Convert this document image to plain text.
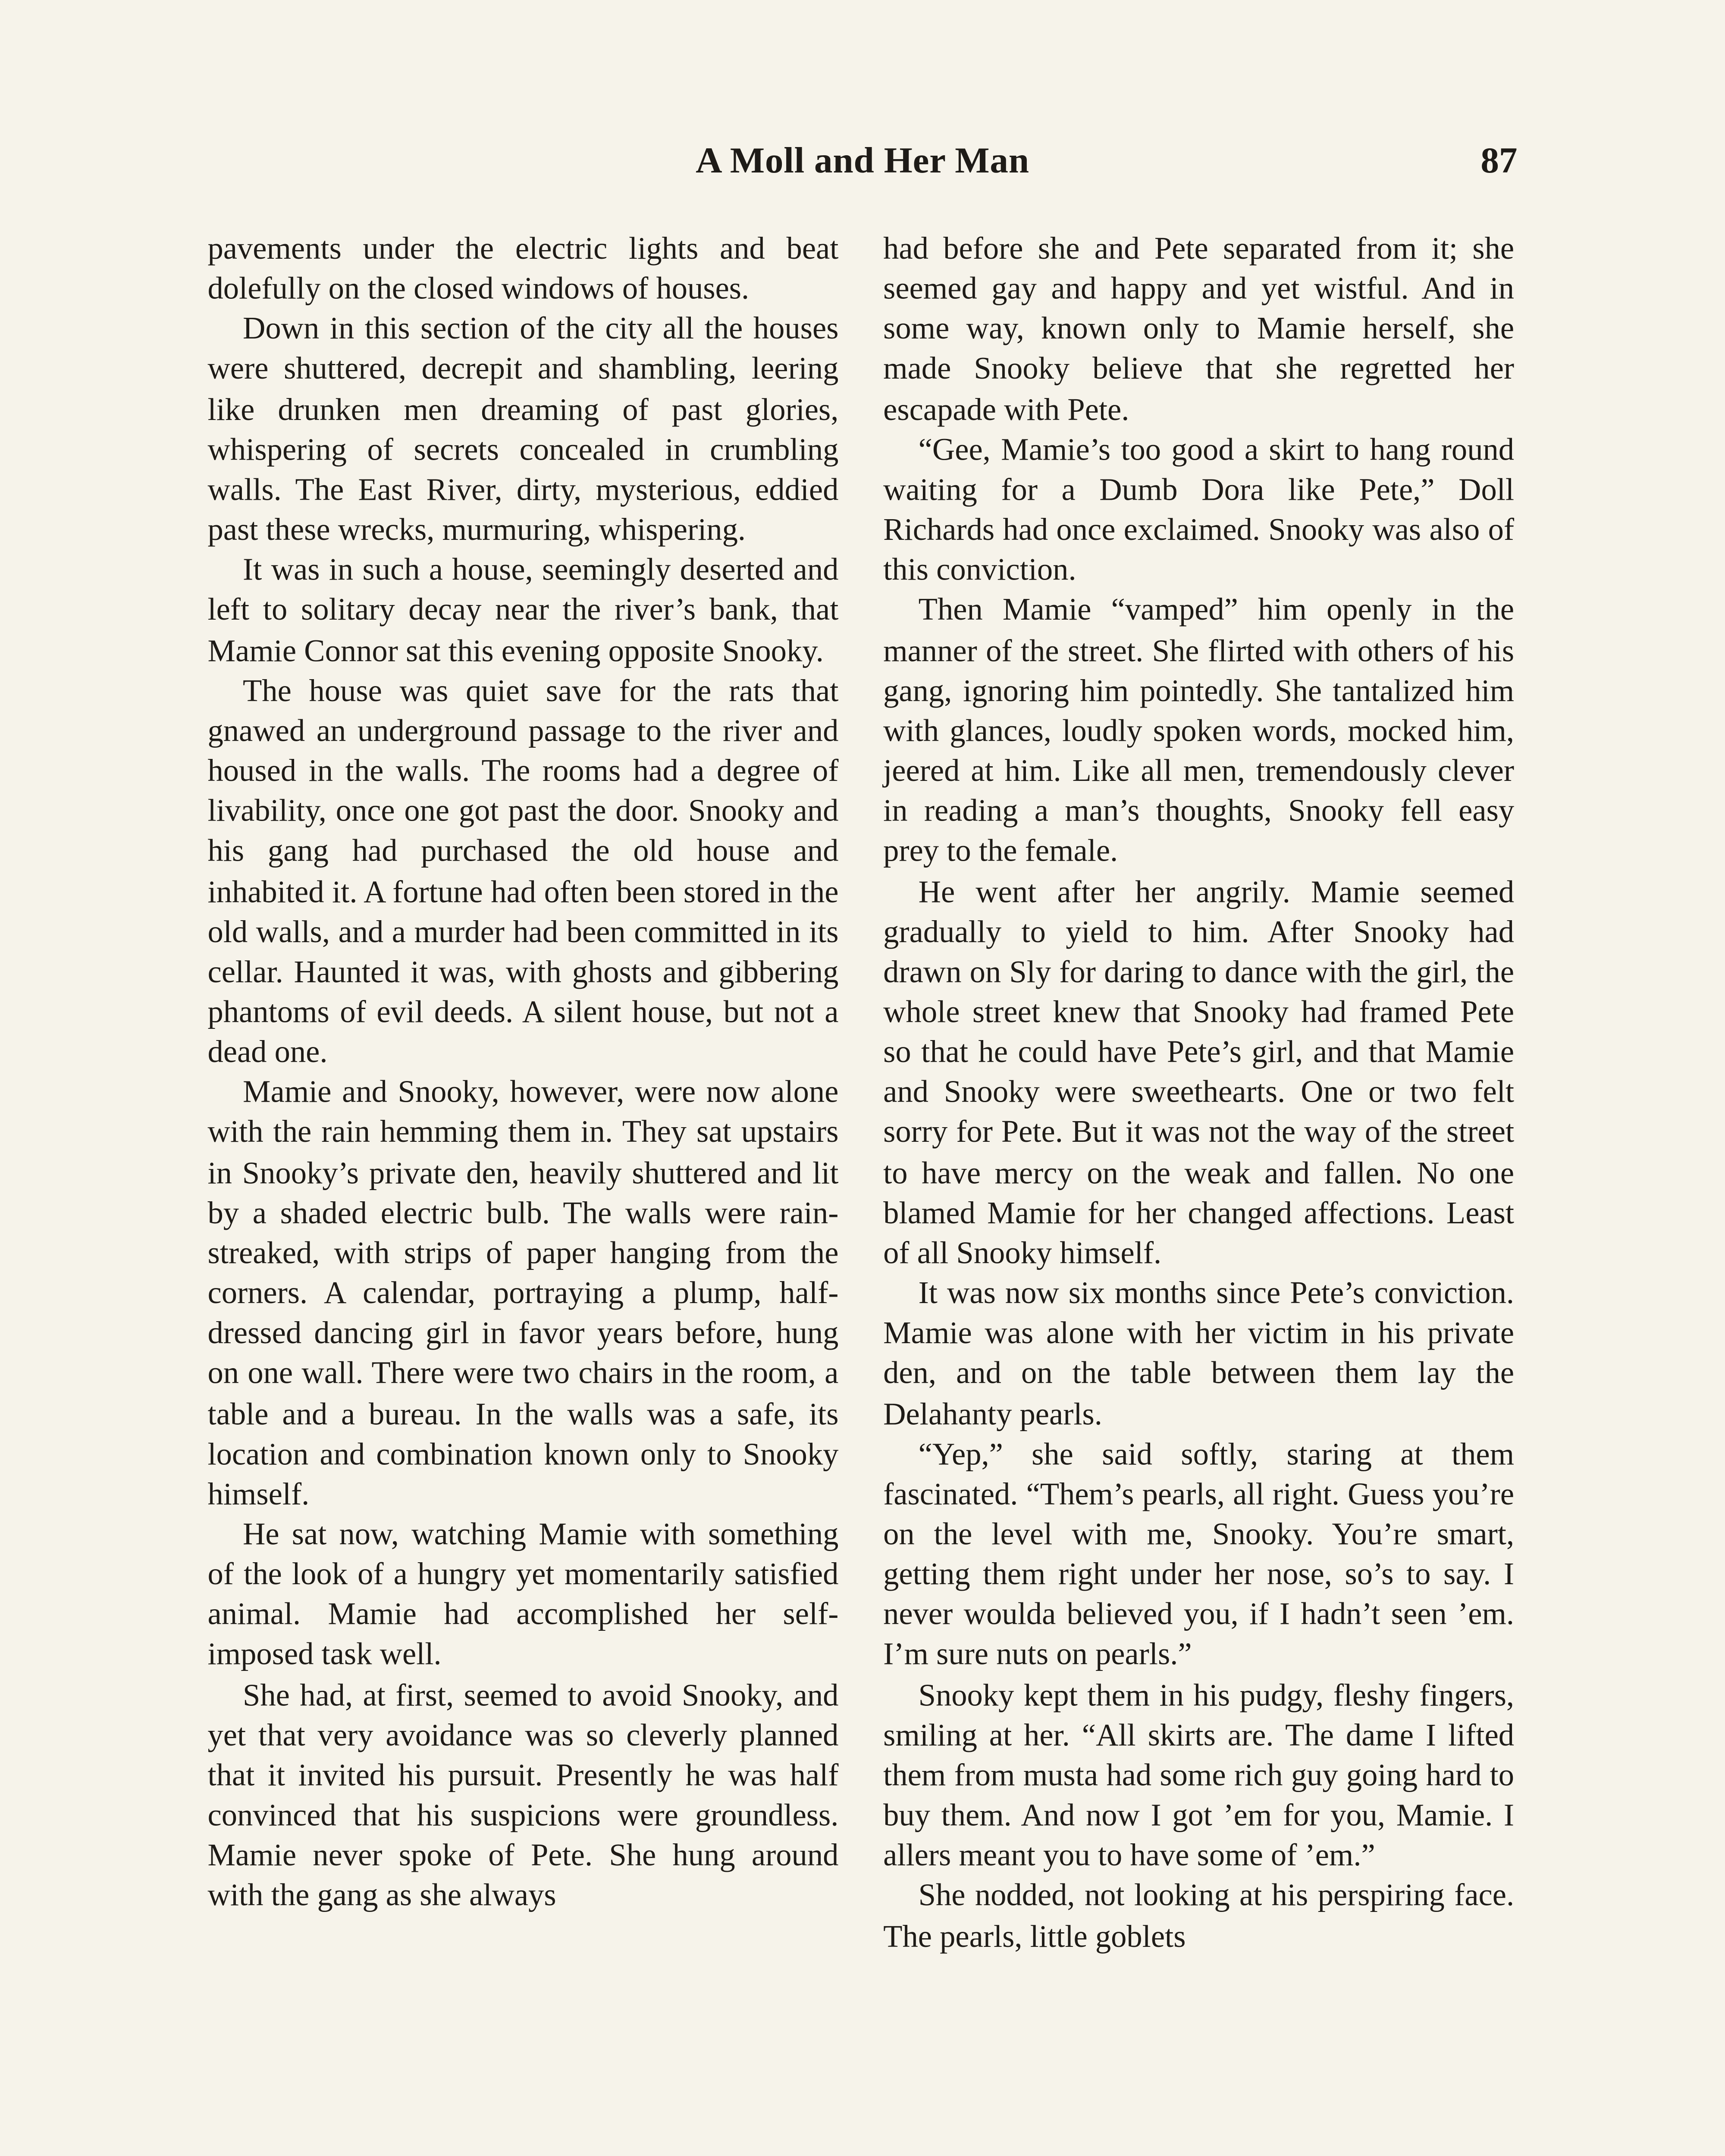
A Moll and Her Man	87

pavements under the electric lights and beat dolefully on the closed windows of houses.

Down in this section of the city all the houses were shuttered, decrepit and shambling, leering like drunken men dreaming of past glories, whispering of secrets concealed in crumbling walls. The East River, dirty, mysterious, eddied past these wrecks, murmuring, whispering.

It was in such a house, seemingly deserted and left to solitary decay near the river’s bank, that Mamie Connor sat this evening opposite Snooky.

The house was quiet save for the rats that gnawed an underground passage to the river and housed in the walls. The rooms had a degree of livability, once one got past the door. Snooky and his gang had purchased the old house and inhabited it. A fortune had often been stored in the old walls, and a murder had been committed in its cellar. Haunted it was, with ghosts and gibbering phantoms of evil deeds. A silent house, but not a dead one.

Mamie and Snooky, however, were now alone with the rain hemming them in. They sat upstairs in Snooky’s private den, heavily shuttered and lit by a shaded electric bulb. The walls were rain-streaked, with strips of paper hanging from the corners. A calendar, portraying a plump, half-dressed dancing girl in favor years before, hung on one wall. There were two chairs in the room, a table and a bureau. In the walls was a safe, its location and combination known only to Snooky himself.

He sat now, watching Mamie with something of the look of a hungry yet momentarily satisfied animal. Mamie had accomplished her self-imposed task well.

She had, at first, seemed to avoid Snooky, and yet that very avoidance was so cleverly planned that it invited his pursuit. Presently he was half convinced that his suspicions were groundless. Mamie never spoke of Pete. She hung around with the gang as she always

had before she and Pete separated from it; she seemed gay and happy and yet wistful. And in some way, known only to Mamie herself, she made Snooky believe that she regretted her escapade with Pete.

“Gee, Mamie’s too good a skirt to hang round waiting for a Dumb Dora like Pete,” Doll Richards had once exclaimed. Snooky was also of this conviction.

Then Mamie “vamped” him openly in the manner of the street. She flirted with others of his gang, ignoring him pointedly. She tantalized him with glances, loudly spoken words, mocked him, jeered at him. Like all men, tremendously clever in reading a man’s thoughts, Snooky fell easy prey to the female.

He went after her angrily. Mamie seemed gradually to yield to him. After Snooky had drawn on Sly for daring to dance with the girl, the whole street knew that Snooky had framed Pete so that he could have Pete’s girl, and that Mamie and Snooky were sweethearts. One or two felt sorry for Pete. But it was not the way of the street to have mercy on the weak and fallen. No one blamed Mamie for her changed affections. Least of all Snooky himself.

It was now six months since Pete’s conviction. Mamie was alone with her victim in his private den, and on the table between them lay the Delahanty pearls.

“Yep,” she said softly, staring at them fascinated. “Them’s pearls, all right. Guess you’re on the level with me, Snooky. You’re smart, getting them right under her nose, so’s to say. I never woulda believed you, if I hadn’t seen ’em. I’m sure nuts on pearls.”

Snooky kept them in his pudgy, fleshy fingers, smiling at her. “All skirts are. The dame I lifted them from musta had some rich guy going hard to buy them. And now I got ’em for you, Mamie. I allers meant you to have some of ’em.”

She nodded, not looking at his perspiring face. The pearls, little goblets
